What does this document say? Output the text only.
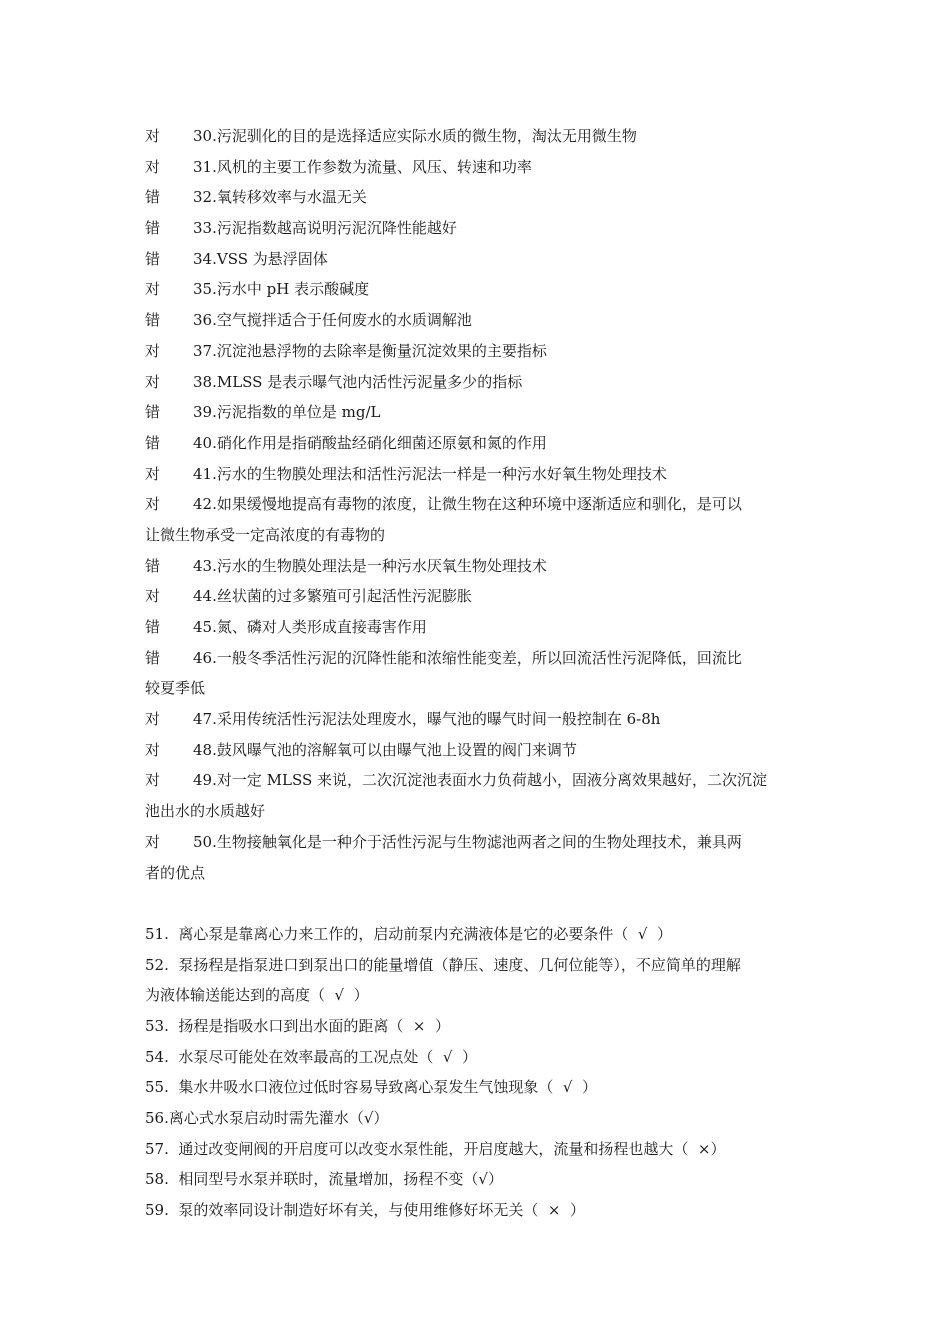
对 30.污泥驯化的目的是选择适应实际水质的微生物，淘汰无用微生物
对 31.风机的主要工作参数为流量、风压、转速和功率
错 32.氧转移效率与水温无关
错 33.污泥指数越高说明污泥沉降性能越好
错 34.VSS 为悬浮固体
对 35.污水中 pH 表示酸碱度
错 36.空气搅拌适合于任何废水的水质调解池
对 37.沉淀池悬浮物的去除率是衡量沉淀效果的主要指标
对 38.MLSS 是表示曝气池内活性污泥量多少的指标
错 39.污泥指数的单位是 mg/L
错 40.硝化作用是指硝酸盐经硝化细菌还原氨和氮的作用
对 41.污水的生物膜处理法和活性污泥法一样是一种污水好氧生物处理技术
对 42.如果缓慢地提高有毒物的浓度，让微生物在这种环境中逐渐适应和驯化，是可以
让微生物承受一定高浓度的有毒物的
错 43.污水的生物膜处理法是一种污水厌氧生物处理技术
对 44.丝状菌的过多繁殖可引起活性污泥膨胀
错 45.氮、磷对人类形成直接毒害作用
错 46.一般冬季活性污泥的沉降性能和浓缩性能变差，所以回流活性污泥降低，回流比
较夏季低
对 47.采用传统活性污泥法处理废水，曝气池的曝气时间一般控制在 6-8h
对 48.鼓风曝气池的溶解氧可以由曝气池上设置的阀门来调节
对 49.对一定 MLSS 来说，二次沉淀池表面水力负荷越小，固液分离效果越好，二次沉淀
池出水的水质越好
对 50.生物接触氧化是一种介于活性污泥与生物滤池两者之间的生物处理技术，兼具两
者的优点
51.  离心泵是靠离心力来工作的，启动前泵内充满液体是它的必要条件（  √  ）
52.  泵扬程是指泵进口到泵出口的能量增值（静压、速度、几何位能等），不应简单的理解
为液体输送能达到的高度（  √  ）
53.  扬程是指吸水口到出水面的距离（  ×  ）
54.  水泵尽可能处在效率最高的工况点处（  √  ）
55.  集水井吸水口液位过低时容易导致离心泵发生气蚀现象（  √  ）
56.离心式水泵启动时需先灌水（√）
57.  通过改变闸阀的开启度可以改变水泵性能，开启度越大，流量和扬程也越大（  ×）
58.  相同型号水泵并联时，流量增加，扬程不变（√）
59.  泵的效率同设计制造好坏有关，与使用维修好坏无关（  ×  ）
